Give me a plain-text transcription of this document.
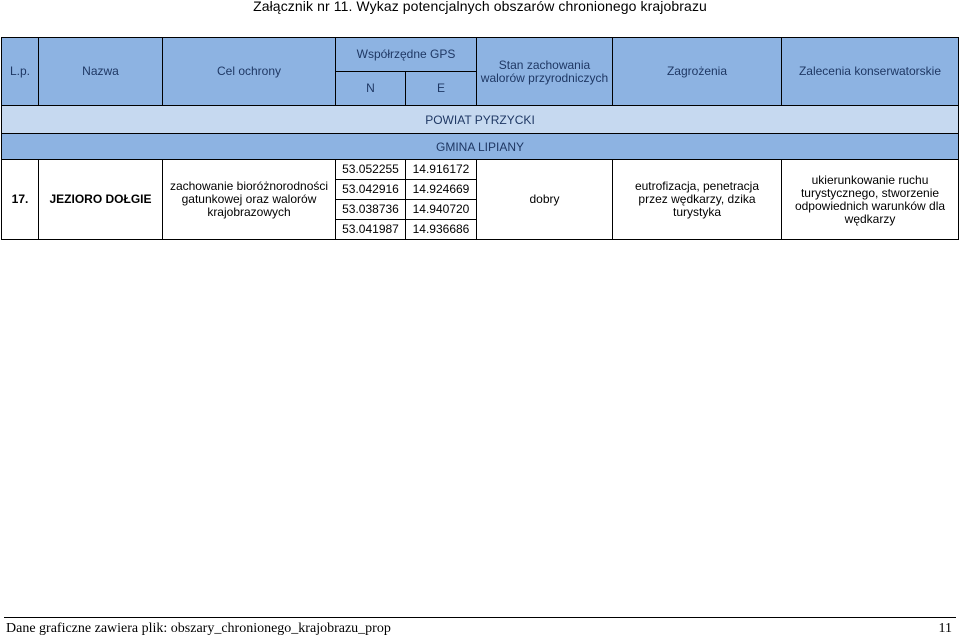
Załącznik nr 11. Wykaz potencjalnych obszarów chronionego krajobrazu
L.p.	Nazwa	Cel ochrony	Współrzędne GPS		Stan zachowania walorów przyrodniczych	Zagrożenia	Zalecenia konserwatorskie
			N	E			
POWIAT PYRZYCKI							
GMINA LIPIANY							
17.	JEZIORO DOŁGIE	zachowanie bioróżnorodności gatunkowej oraz walorów krajobrazowych	53.052255	14.916172	dobry	eutrofizacja, penetracja przez wędkarzy, dzika turystyka	ukierunkowanie ruchu turystycznego, stworzenie odpowiednich warunków dla wędkarzy
			53.042916	14.924669			
			53.038736	14.940720			
			53.041987	14.936686			
Dane graficzne zawiera plik: obszary_chronionego_krajobrazu_prop	11
